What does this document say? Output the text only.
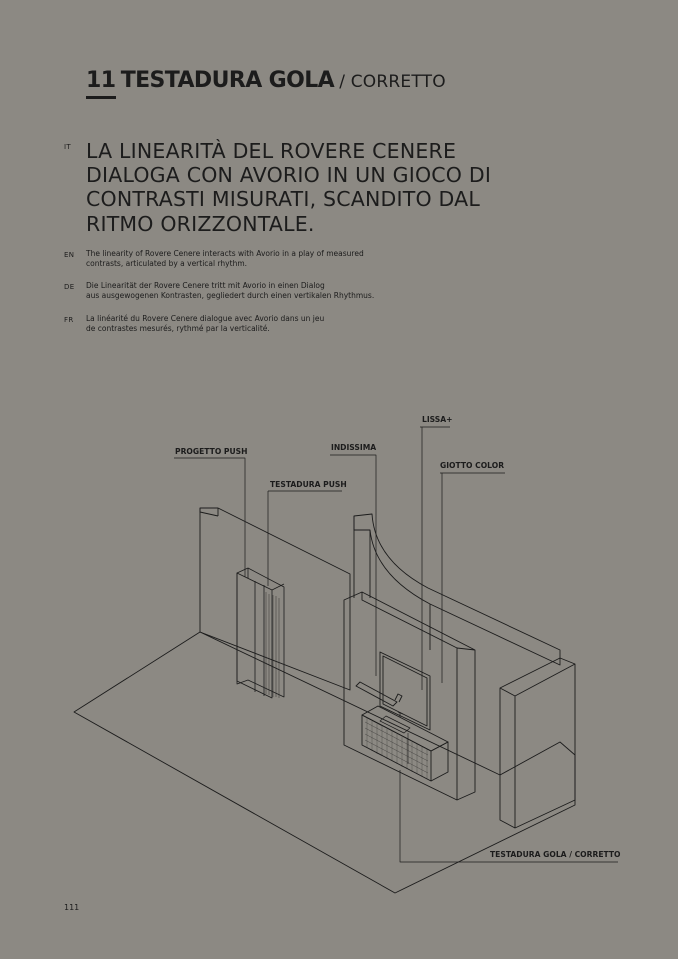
11 TESTADURA GOLA / CORRETTO
IT LA LINEARITÀ DEL ROVERE CENERE DIALOGA CON AVORIO IN UN GIOCO DI CONTRASTI MISURATI, SCANDITO DAL RITMO ORIZZONTALE.
EN The linearity of Rovere Cenere interacts with Avorio in a play of measured
contrasts, articulated by a vertical rhythm.
DE Die Linearität der Rovere Cenere tritt mit Avorio in einen Dialog
aus ausgewogenen Kontrasten, gegliedert durch einen vertikalen Rhythmus.
FR La linéarité du Rovere Cenere dialogue avec Avorio dans un jeu
de contrastes mesurés, rythmé par la verticalité.
LISSA+
INDISSIMA
PROGETTO PUSH
GIOTTO COLOR
TESTADURA PUSH
TESTADURA GOLA / CORRETTO
111
